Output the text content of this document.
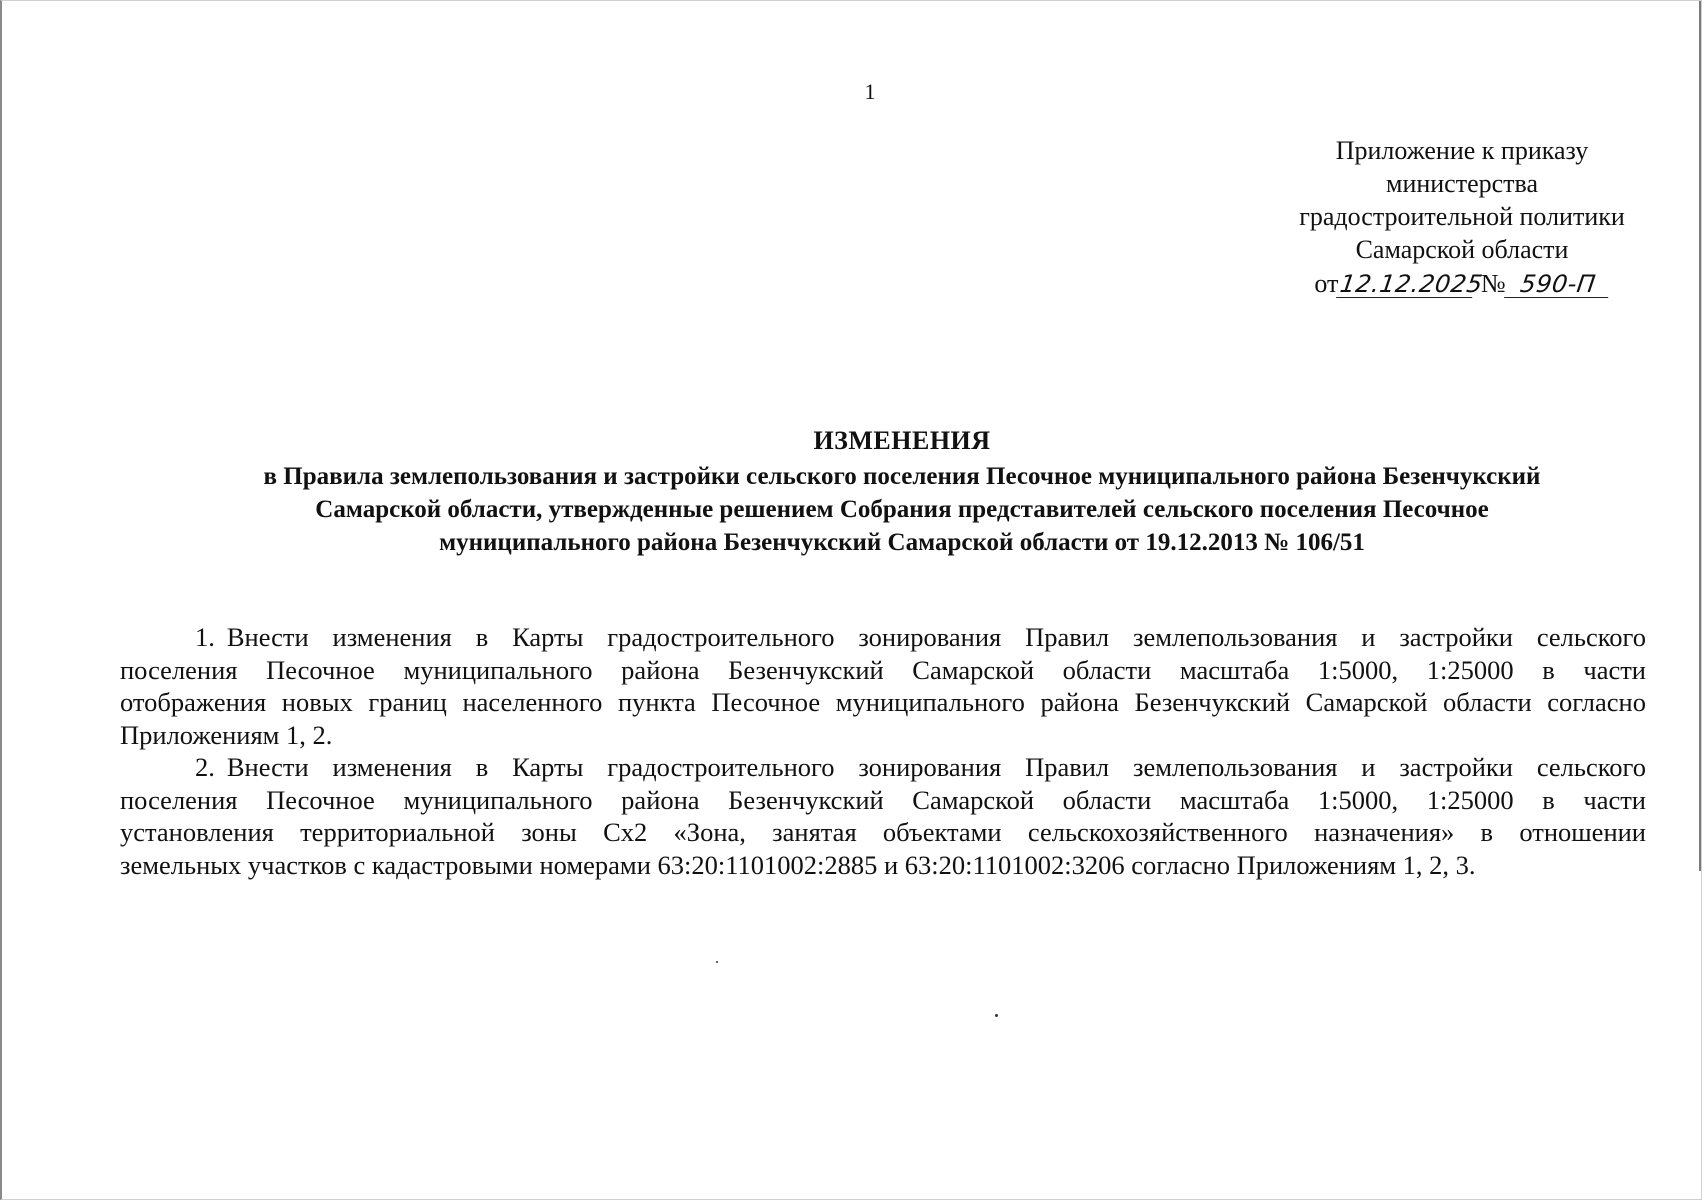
1
Приложение к приказу
министерства
градостроительной политики
Самарской области
от12.12.2025 № 590-П
ИЗМЕНЕНИЯ
в Правила землепользования и застройки сельского поселения Песочное муниципального района Безенчукский
Самарской области, утвержденные решением Собрания представителей сельского поселения Песочное
муниципального района Безенчукский Самарской области от 19.12.2013 № 106/51
1. Внести изменения в Карты градостроительного зонирования Правил землепользования и застройки сельского
поселения Песочное муниципального района Безенчукский Самарской области масштаба 1:5000, 1:25000 в части
отображения новых границ населенного пункта Песочное муниципального района Безенчукский Самарской области согласно
Приложениям 1, 2.
2. Внести изменения в Карты градостроительного зонирования Правил землепользования и застройки сельского
поселения Песочное муниципального района Безенчукский Самарской области масштаба 1:5000, 1:25000 в части
установления территориальной зоны Сх2 «Зона, занятая объектами сельскохозяйственного назначения» в отношении
земельных участков с кадастровыми номерами 63:20:1101002:2885 и 63:20:1101002:3206 согласно Приложениям 1, 2, 3.
